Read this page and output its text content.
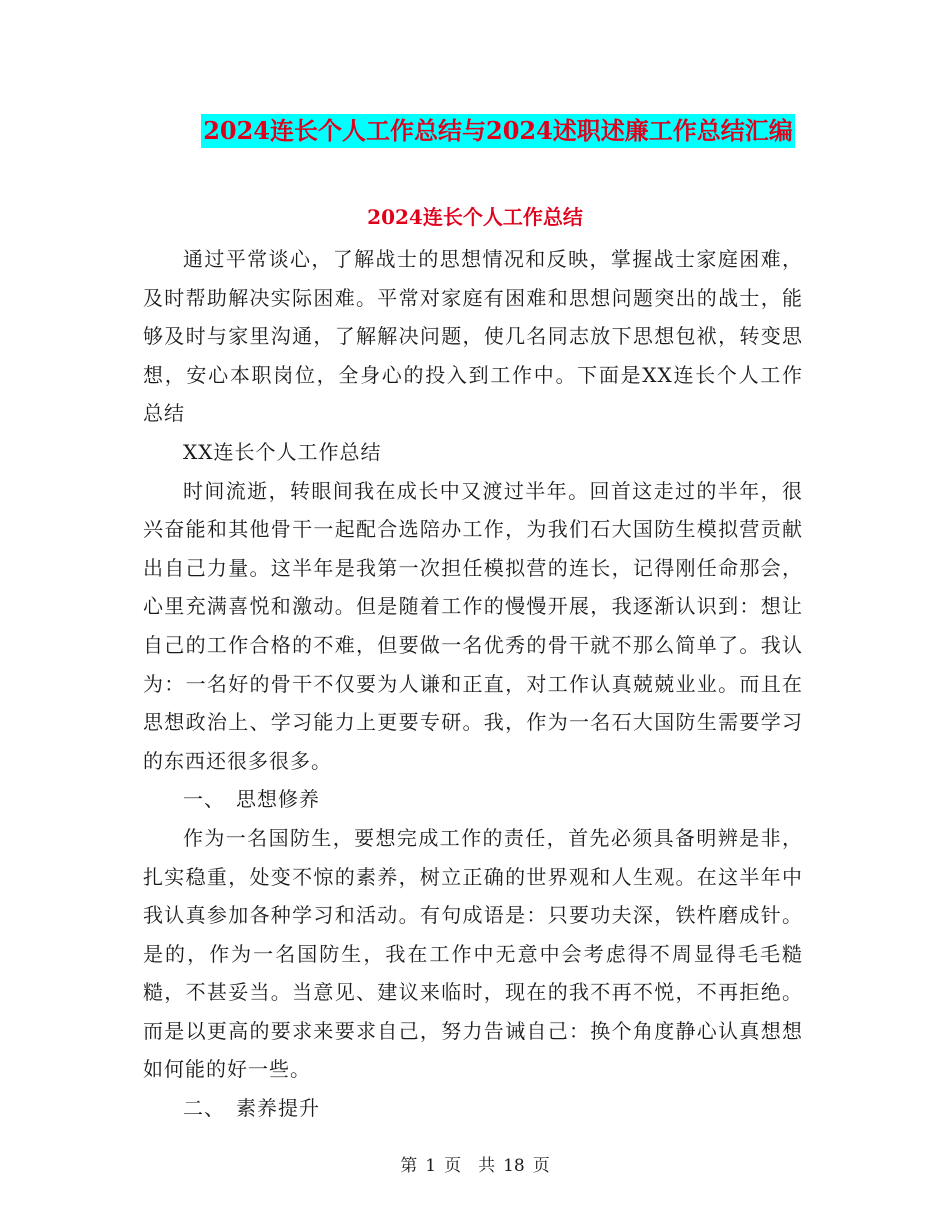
2024连长个人工作总结与2024述职述廉工作总结汇编
2024连长个人工作总结

通过平常谈心，了解战士的思想情况和反映，掌握战士家庭困难，及时帮助解决实际困难。平常对家庭有困难和思想问题突出的战士，能够及时与家里沟通，了解解决问题，使几名同志放下思想包袱，转变思想，安心本职岗位，全身心的投入到工作中。下面是XX连长个人工作总结

XX连长个人工作总结

时间流逝，转眼间我在成长中又渡过半年。回首这走过的半年，很兴奋能和其他骨干一起配合选陪办工作，为我们石大国防生模拟营贡献出自己力量。这半年是我第一次担任模拟营的连长，记得刚任命那会，心里充满喜悦和激动。但是随着工作的慢慢开展，我逐渐认识到：想让自己的工作合格的不难，但要做一名优秀的骨干就不那么简单了。我认为：一名好的骨干不仅要为人谦和正直，对工作认真兢兢业业。而且在思想政治上、学习能力上更要专研。我，作为一名石大国防生需要学习的东西还很多很多。

一、　思想修养

作为一名国防生，要想完成工作的责任，首先必须具备明辨是非，扎实稳重，处变不惊的素养，树立正确的世界观和人生观。在这半年中我认真参加各种学习和活动。有句成语是：只要功夫深，铁杵磨成针。是的，作为一名国防生，我在工作中无意中会考虑得不周显得毛毛糙糙，不甚妥当。当意见、建议来临时，现在的我不再不悦，不再拒绝。而是以更高的要求来要求自己，努力告诫自己：换个角度静心认真想想如何能的好一些。

二、　素养提升

第 1 页　共 18 页
